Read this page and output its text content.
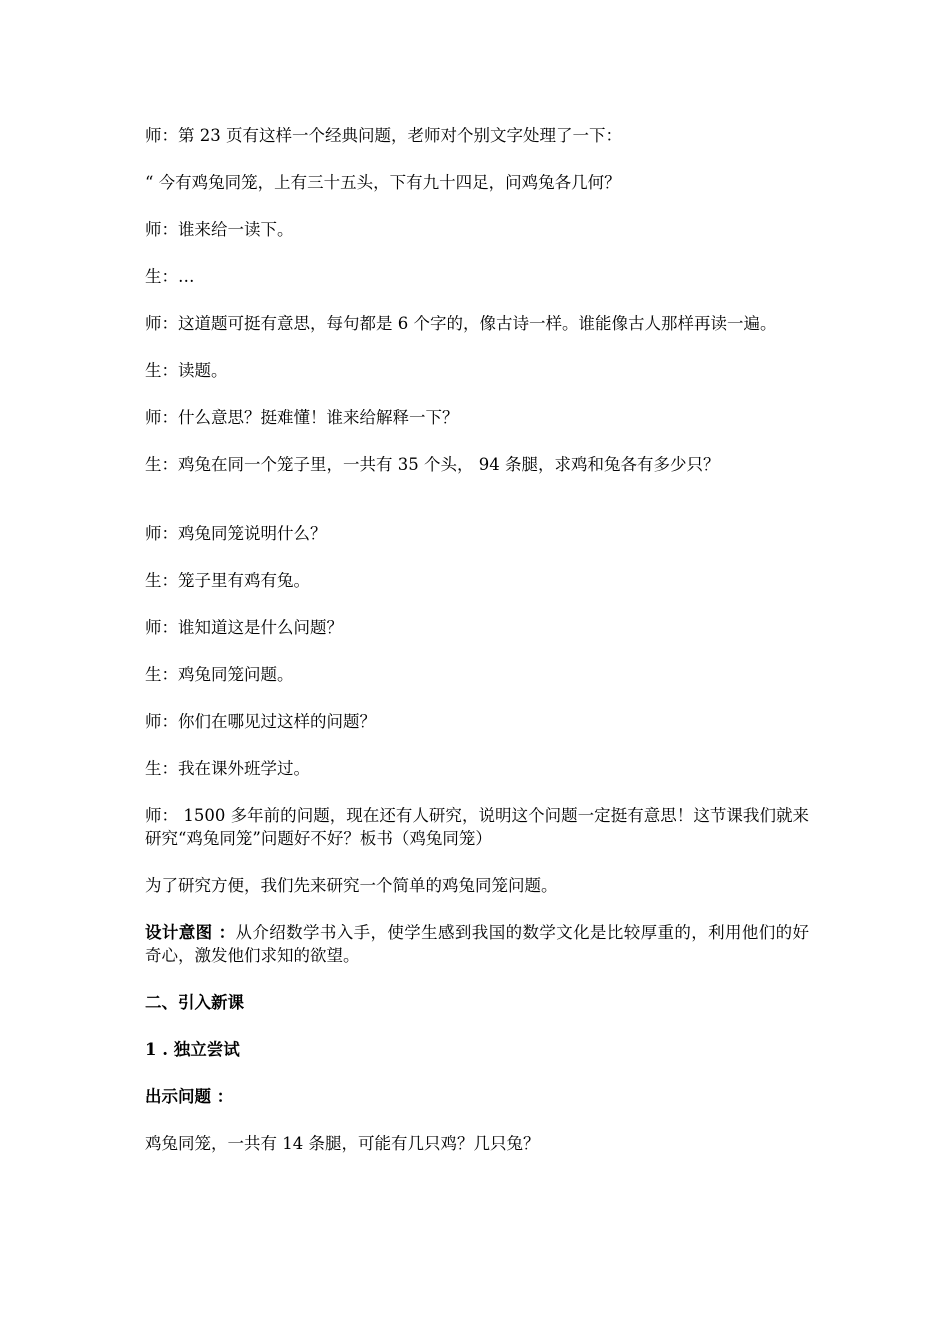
师：第 23 页有这样一个经典问题，老师对个别文字处理了一下：

“ 今有鸡兔同笼，上有三十五头，下有九十四足，问鸡兔各几何？

师：谁来给一读下。

生：…

师：这道题可挺有意思，每句都是 6 个字的，像古诗一样。谁能像古人那样再读一遍。

生：读题。

师：什么意思？挺难懂！谁来给解释一下？

生：鸡兔在同一个笼子里，一共有 35 个头， 94 条腿，求鸡和兔各有多少只？

师：鸡兔同笼说明什么？

生：笼子里有鸡有兔。

师：谁知道这是什么问题？

生：鸡兔同笼问题。

师：你们在哪见过这样的问题？

生：我在课外班学过。

师： 1500 多年前的问题，现在还有人研究，说明这个问题一定挺有意思！这节课我们就来研究“鸡兔同笼”问题好不好？板书（鸡兔同笼）

为了研究方便，我们先来研究一个简单的鸡兔同笼问题。

设计意图 ：从介绍数学书入手，使学生感到我国的数学文化是比较厚重的，利用他们的好奇心，激发他们求知的欲望。

二、引入新课

1 . 独立尝试

出示问题 ：

鸡兔同笼，一共有 14 条腿，可能有几只鸡？几只兔？
